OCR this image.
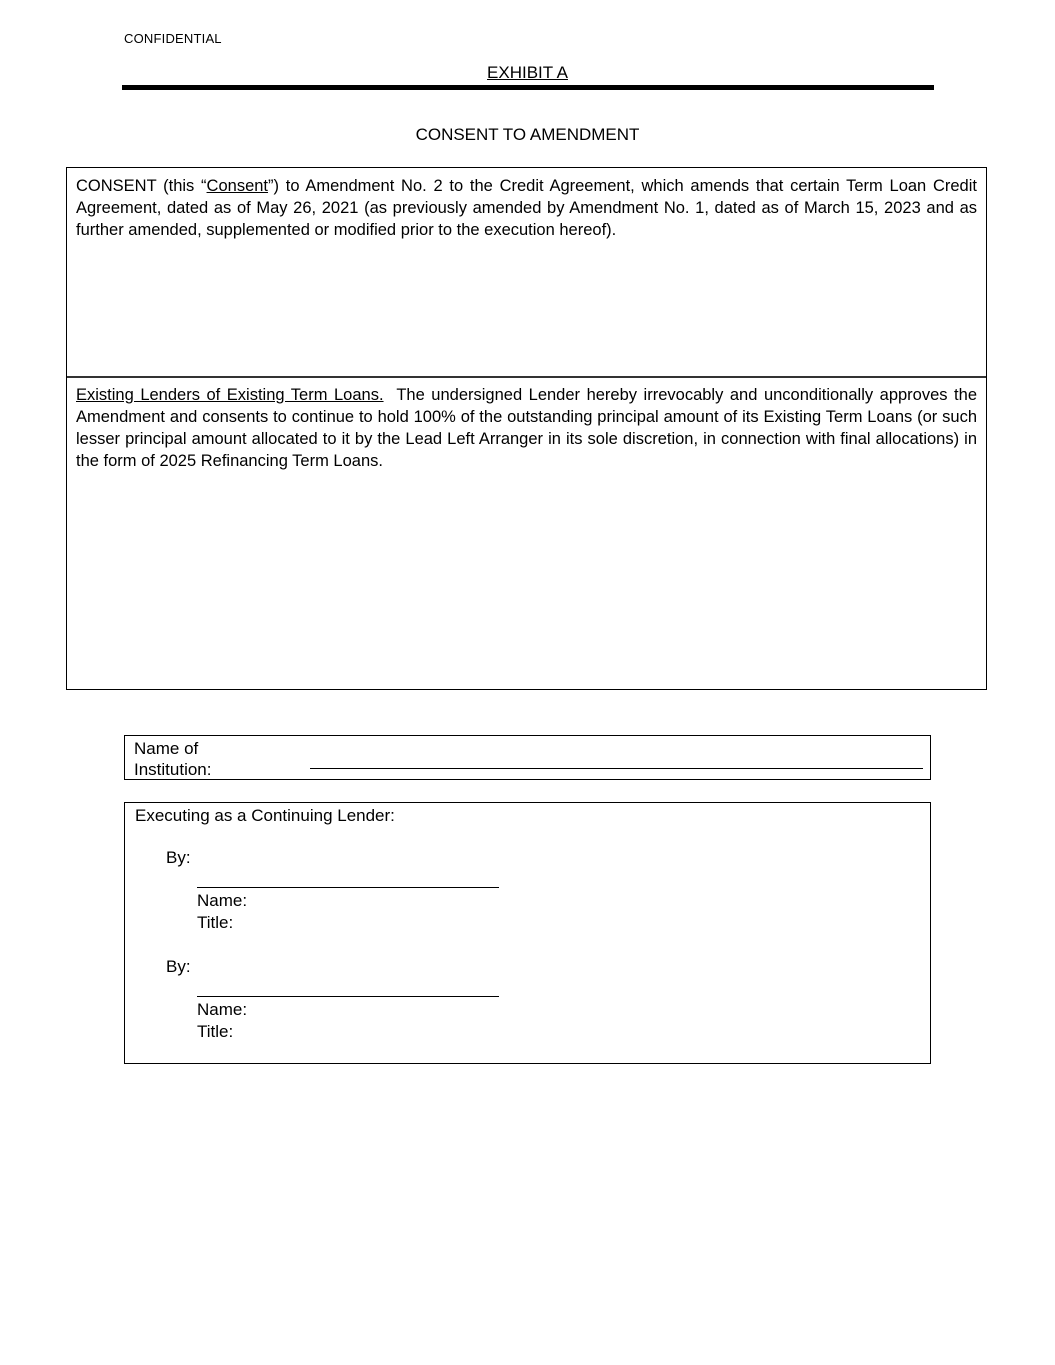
CONFIDENTIAL
EXHIBIT A
CONSENT TO AMENDMENT
CONSENT (this “Consent”) to Amendment No. 2 to the Credit Agreement, which amends that certain Term Loan Credit Agreement, dated as of May 26, 2021 (as previously amended by Amendment No. 1, dated as of March 15, 2023 and as further amended, supplemented or modified prior to the execution hereof).
Existing Lenders of Existing Term Loans.  The undersigned Lender hereby irrevocably and unconditionally approves the Amendment and consents to continue to hold 100% of the outstanding principal amount of its Existing Term Loans (or such lesser principal amount allocated to it by the Lead Left Arranger in its sole discretion, in connection with final allocations) in the form of 2025 Refinancing Term Loans.
Name of
Institution:
Executing as a Continuing Lender:
By:
Name:
Title:
By:
Name:
Title:
